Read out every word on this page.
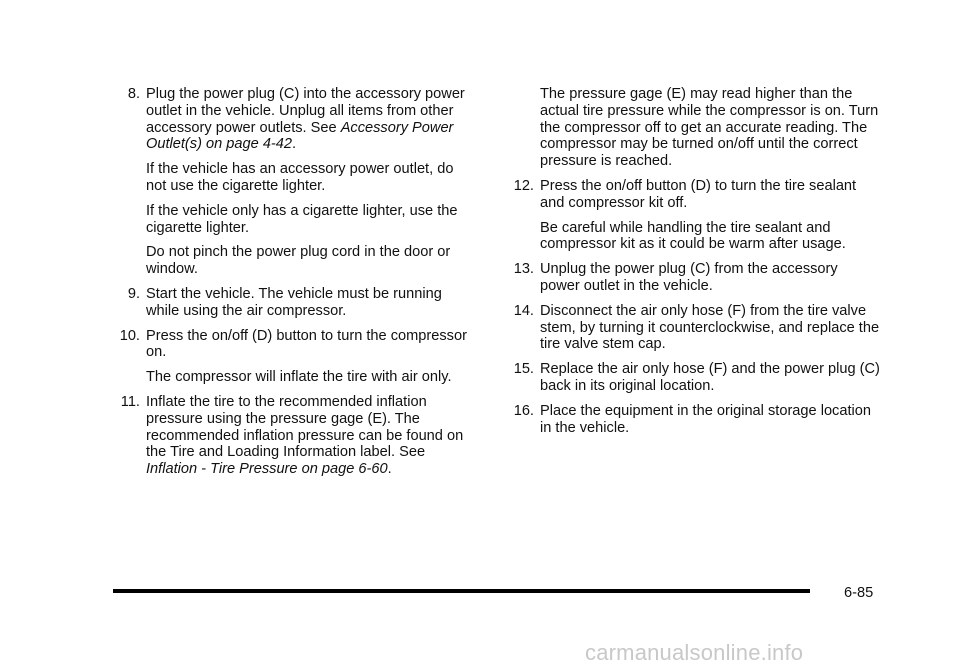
8. Plug the power plug (C) into the accessory power outlet in the vehicle. Unplug all items from other accessory power outlets. See Accessory Power Outlet(s) on page 4-42.

If the vehicle has an accessory power outlet, do not use the cigarette lighter.

If the vehicle only has a cigarette lighter, use the cigarette lighter.

Do not pinch the power plug cord in the door or window.

9. Start the vehicle. The vehicle must be running while using the air compressor.
10. Press the on/off (D) button to turn the compressor on.

The compressor will inflate the tire with air only.

11. Inflate the tire to the recommended inflation pressure using the pressure gage (E). The recommended inflation pressure can be found on the Tire and Loading Information label. See Inflation - Tire Pressure on page 6-60.

The pressure gage (E) may read higher than the actual tire pressure while the compressor is on. Turn the compressor off to get an accurate reading. The compressor may be turned on/off until the correct pressure is reached.

12. Press the on/off button (D) to turn the tire sealant and compressor kit off.

Be careful while handling the tire sealant and compressor kit as it could be warm after usage.

13. Unplug the power plug (C) from the accessory power outlet in the vehicle.
14. Disconnect the air only hose (F) from the tire valve stem, by turning it counterclockwise, and replace the tire valve stem cap.
15. Replace the air only hose (F) and the power plug (C) back in its original location.
16. Place the equipment in the original storage location in the vehicle.
6-85
carmanualsonline.info
